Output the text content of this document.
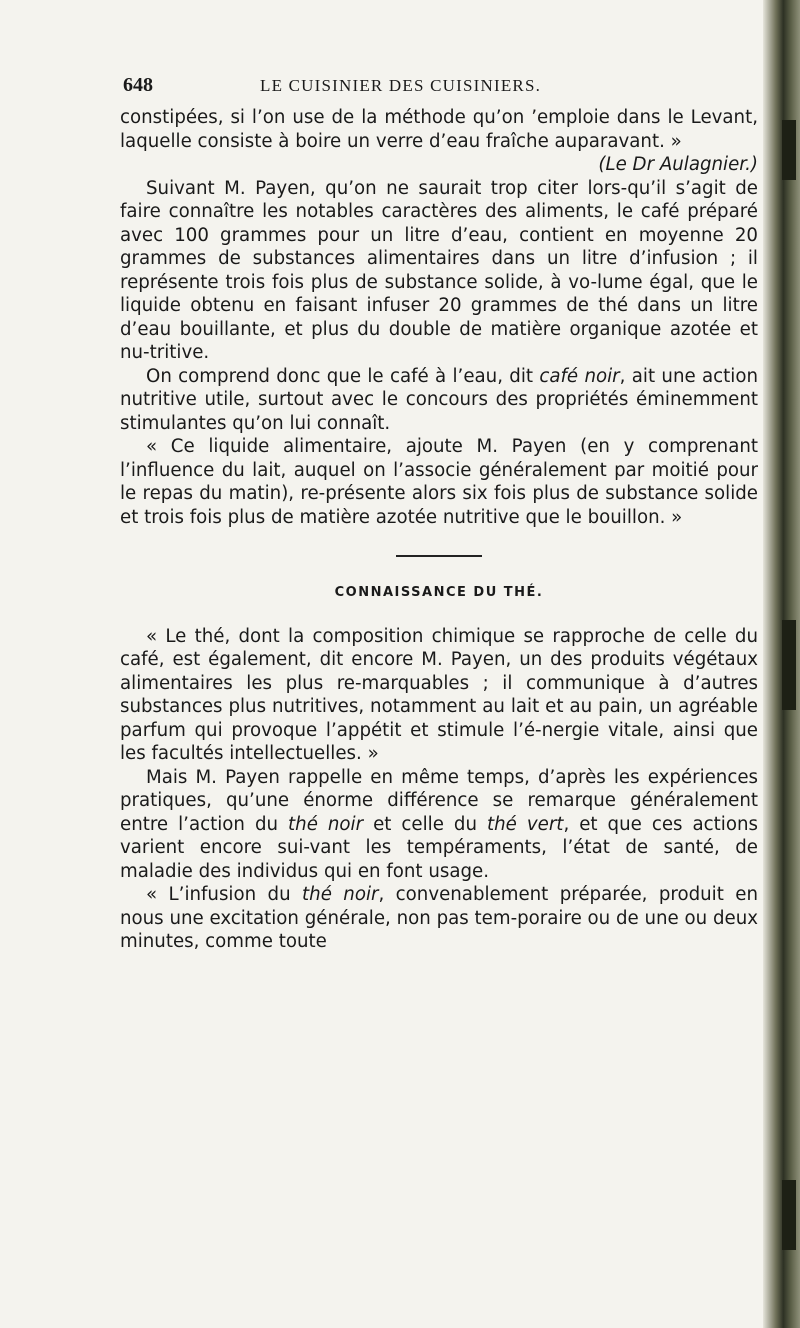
648	LE CUISINIER DES CUISINIERS.

constipées, si l’on use de la méthode qu’on ’emploie dans le Levant, laquelle consiste à boire un verre d’eau fraîche auparavant. »

(Le Dr Aulagnier.)

Suivant M. Payen, qu’on ne saurait trop citer lors-qu’il s’agit de faire connaître les notables caractères des aliments, le café préparé avec 100 grammes pour un litre d’eau, contient en moyenne 20 grammes de substances alimentaires dans un litre d’infusion ; il représente trois fois plus de substance solide, à vo-lume égal, que le liquide obtenu en faisant infuser 20 grammes de thé dans un litre d’eau bouillante, et plus du double de matière organique azotée et nu-tritive.

On comprend donc que le café à l’eau, dit café noir, ait une action nutritive utile, surtout avec le concours des propriétés éminemment stimulantes qu’on lui connaît.

« Ce liquide alimentaire, ajoute M. Payen (en y comprenant l’influence du lait, auquel on l’associe généralement par moitié pour le repas du matin), re-présente alors six fois plus de substance solide et trois fois plus de matière azotée nutritive que le bouillon. »

CONNAISSANCE DU THÉ.

« Le thé, dont la composition chimique se rapproche de celle du café, est également, dit encore M. Payen, un des produits végétaux alimentaires les plus re-marquables ; il communique à d’autres substances plus nutritives, notamment au lait et au pain, un agréable parfum qui provoque l’appétit et stimule l’é-nergie vitale, ainsi que les facultés intellectuelles. »

Mais M. Payen rappelle en même temps, d’après les expériences pratiques, qu’une énorme différence se remarque généralement entre l’action du thé noir et celle du thé vert, et que ces actions varient encore sui-vant les tempéraments, l’état de santé, de maladie des individus qui en font usage.

« L’infusion du thé noir, convenablement préparée, produit en nous une excitation générale, non pas tem-poraire ou de une ou deux minutes, comme toute
